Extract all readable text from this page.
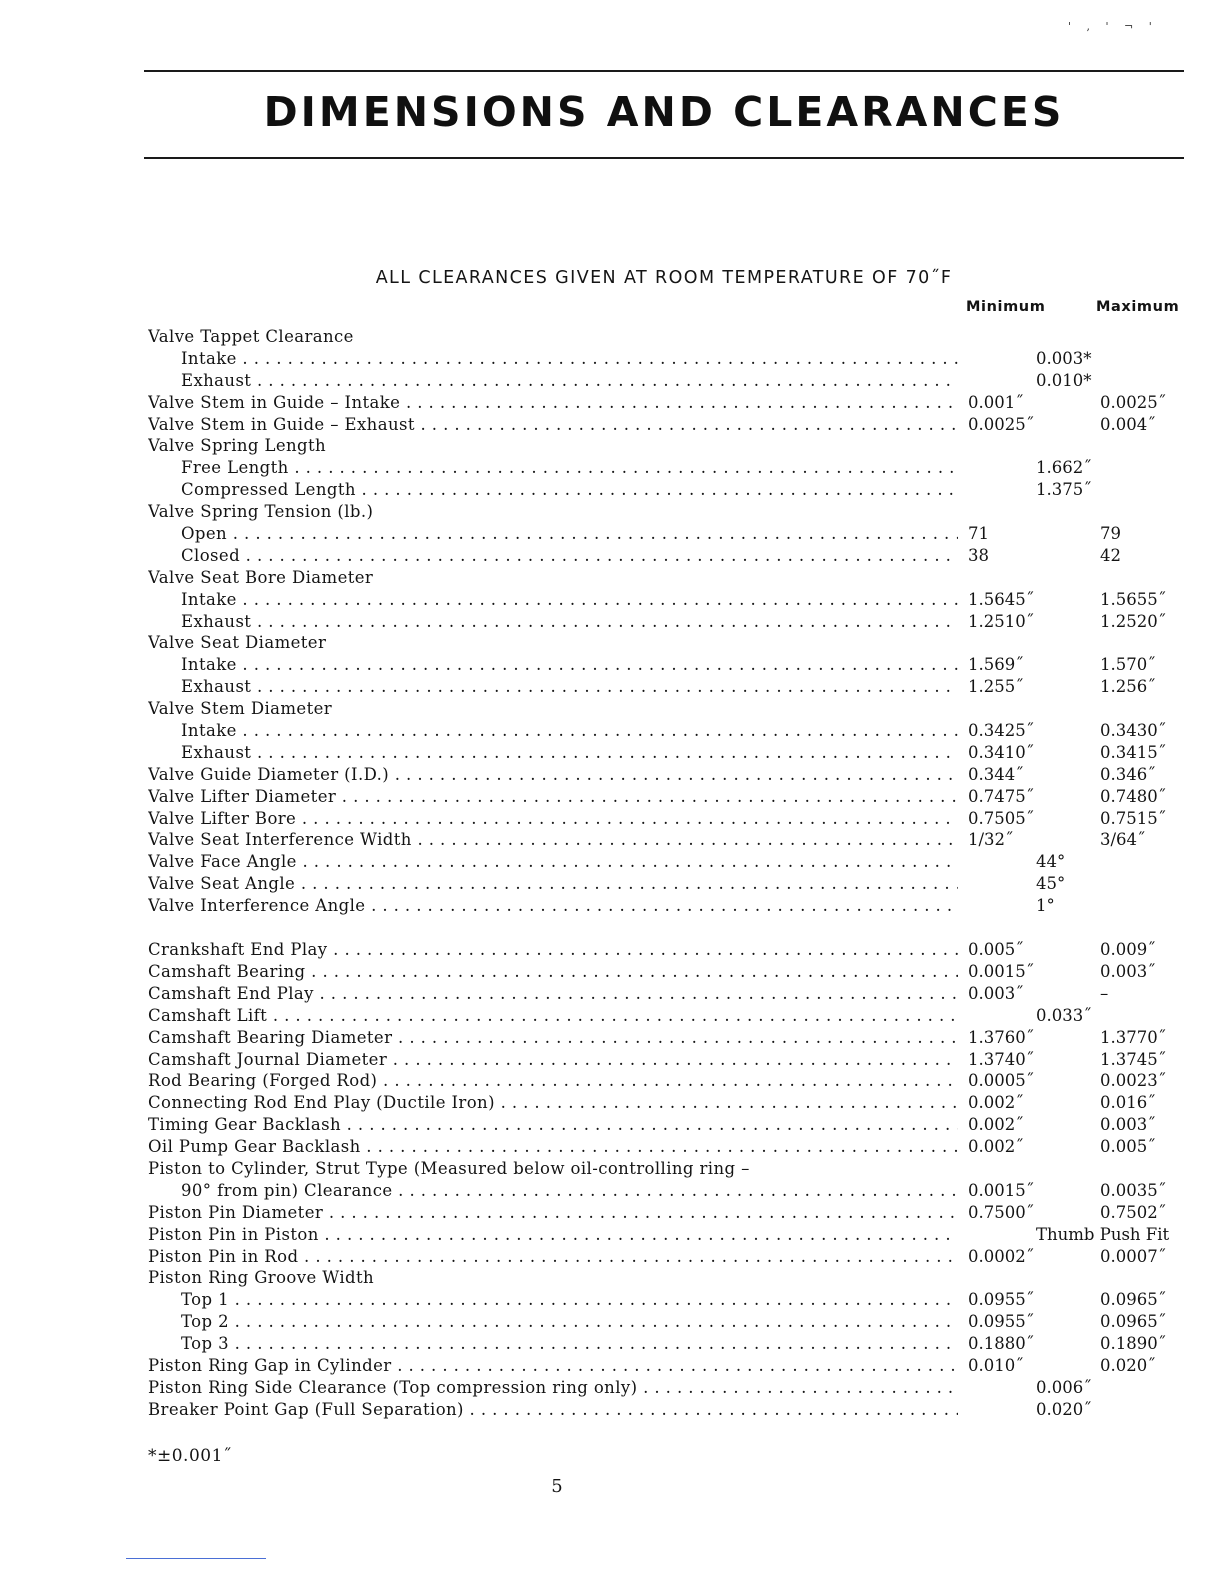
' , ' ¬ '
DIMENSIONS AND CLEARANCES
ALL CLEARANCES GIVEN AT ROOM TEMPERATURE OF 70˝F
Minimum	Maximum
Valve Tappet Clearance
Intake . . .	0.003*
Exhaust . . .	0.010*
Valve Stem in Guide – Intake . . .	0.001˝	0.0025˝
Valve Stem in Guide – Exhaust . . .	0.0025˝	0.004˝
Valve Spring Length
Free Length . . .	1.662˝
Compressed Length . . .	1.375˝
Valve Spring Tension (lb.)
Open . . .	71	79
Closed . . .	38	42
Valve Seat Bore Diameter
Intake . . .	1.5645˝	1.5655˝
Exhaust . . .	1.2510˝	1.2520˝
Valve Seat Diameter
Intake . . .	1.569˝	1.570˝
Exhaust . . .	1.255˝	1.256˝
Valve Stem Diameter
Intake . . .	0.3425˝	0.3430˝
Exhaust . . .	0.3410˝	0.3415˝
Valve Guide Diameter (I.D.) . . .	0.344˝	0.346˝
Valve Lifter Diameter . . .	0.7475˝	0.7480˝
Valve Lifter Bore . . .	0.7505˝	0.7515˝
Valve Seat Interference Width . . .	1/32˝	3/64˝
Valve Face Angle . . .	44°
Valve Seat Angle . . .	45°
Valve Interference Angle . . .	1°
Crankshaft End Play . . .	0.005˝	0.009˝
Camshaft Bearing . . .	0.0015˝	0.003˝
Camshaft End Play . . .	0.003˝	–
Camshaft Lift . . .	0.033˝
Camshaft Bearing Diameter . . .	1.3760˝	1.3770˝
Camshaft Journal Diameter . . .	1.3740˝	1.3745˝
Rod Bearing (Forged Rod) . . .	0.0005˝	0.0023˝
Connecting Rod End Play (Ductile Iron) . . .	0.002˝	0.016˝
Timing Gear Backlash . . .	0.002˝	0.003˝
Oil Pump Gear Backlash . . .	0.002˝	0.005˝
Piston to Cylinder, Strut Type (Measured below oil-controlling ring –
90° from pin) Clearance . . .	0.0015˝	0.0035˝
Piston Pin Diameter . . .	0.7500˝	0.7502˝
Piston Pin in Piston . . .	Thumb Push Fit
Piston Pin in Rod . . .	0.0002˝	0.0007˝
Piston Ring Groove Width
Top 1 . . .	0.0955˝	0.0965˝
Top 2 . . .	0.0955˝	0.0965˝
Top 3 . . .	0.1880˝	0.1890˝
Piston Ring Gap in Cylinder . . .	0.010˝	0.020˝
Piston Ring Side Clearance (Top compression ring only) . . .	0.006˝
Breaker Point Gap (Full Separation) . . .	0.020˝
*±0.001˝
5
